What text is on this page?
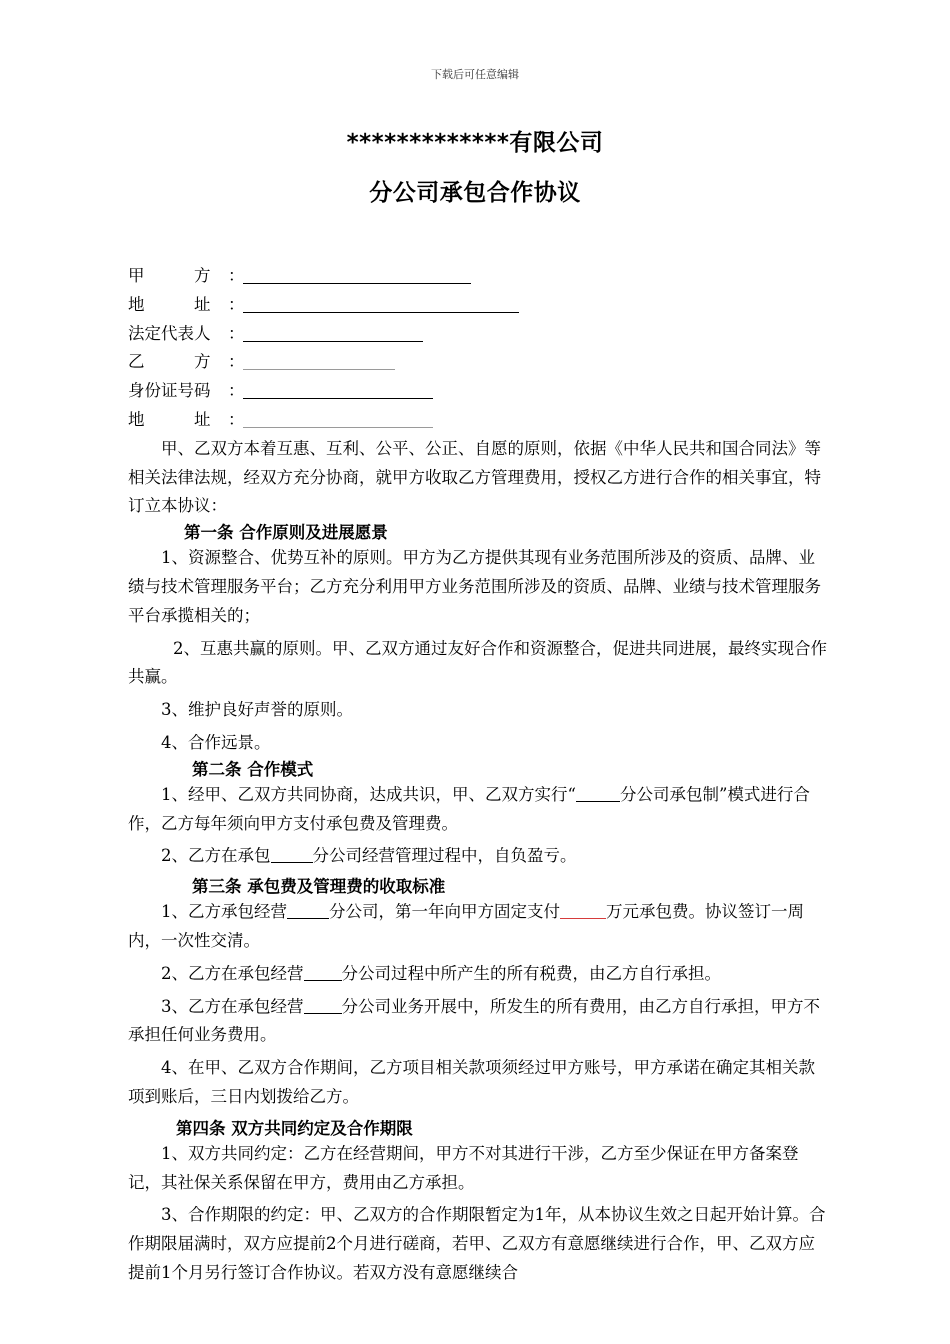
下载后可任意编辑
*************有限公司
分公司承包合作协议
甲　　　方 ：
地　　　址 ：
法定代表人 ：
乙　　　方 ：
身份证号码 ：
地　　　址 ：

甲、乙双方本着互惠、互利、公平、公正、自愿的原则，依据《中华人民共和国合同法》等相关法律法规，经双方充分协商，就甲方收取乙方管理费用，授权乙方进行合作的相关事宜，特订立本协议：

第一条 合作原则及进展愿景

1、资源整合、优势互补的原则。甲方为乙方提供其现有业务范围所涉及的资质、品牌、业绩与技术管理服务平台；乙方充分利用甲方业务范围所涉及的资质、品牌、业绩与技术管理服务平台承揽相关的；

2、互惠共赢的原则。甲、乙双方通过友好合作和资源整合，促进共同进展，最终实现合作共赢。

3、维护良好声誉的原则。

4、合作远景。

第二条 合作模式

1、经甲、乙双方共同协商，达成共识，甲、乙双方实行“	分公司承包制”模式进行合作，乙方每年须向甲方支付承包费及管理费。

2、乙方在承包	分公司经营管理过程中，自负盈亏。

第三条 承包费及管理费的收取标准

1、乙方承包经营	分公司，第一年向甲方固定支付	万元承包费。协议签订一周内，一次性交清。

2、乙方在承包经营 分公司过程中所产生的所有税费，由乙方自行承担。

3、乙方在承包经营 分公司业务开展中，所发生的所有费用，由乙方自行承担，甲方不承担任何业务费用。

4、在甲、乙双方合作期间，乙方项目相关款项须经过甲方账号，甲方承诺在确定其相关款项到账后，三日内划拨给乙方。

第四条 双方共同约定及合作期限

1、双方共同约定：乙方在经营期间，甲方不对其进行干涉，乙方至少保证在甲方备案登记，其社保关系保留在甲方，费用由乙方承担。

3、合作期限的约定：甲、乙双方的合作期限暂定为1年，从本协议生效之日起开始计算。合作期限届满时，双方应提前2个月进行磋商，若甲、乙双方有意愿继续进行合作，甲、乙双方应提前1个月另行签订合作协议。若双方没有意愿继续合
